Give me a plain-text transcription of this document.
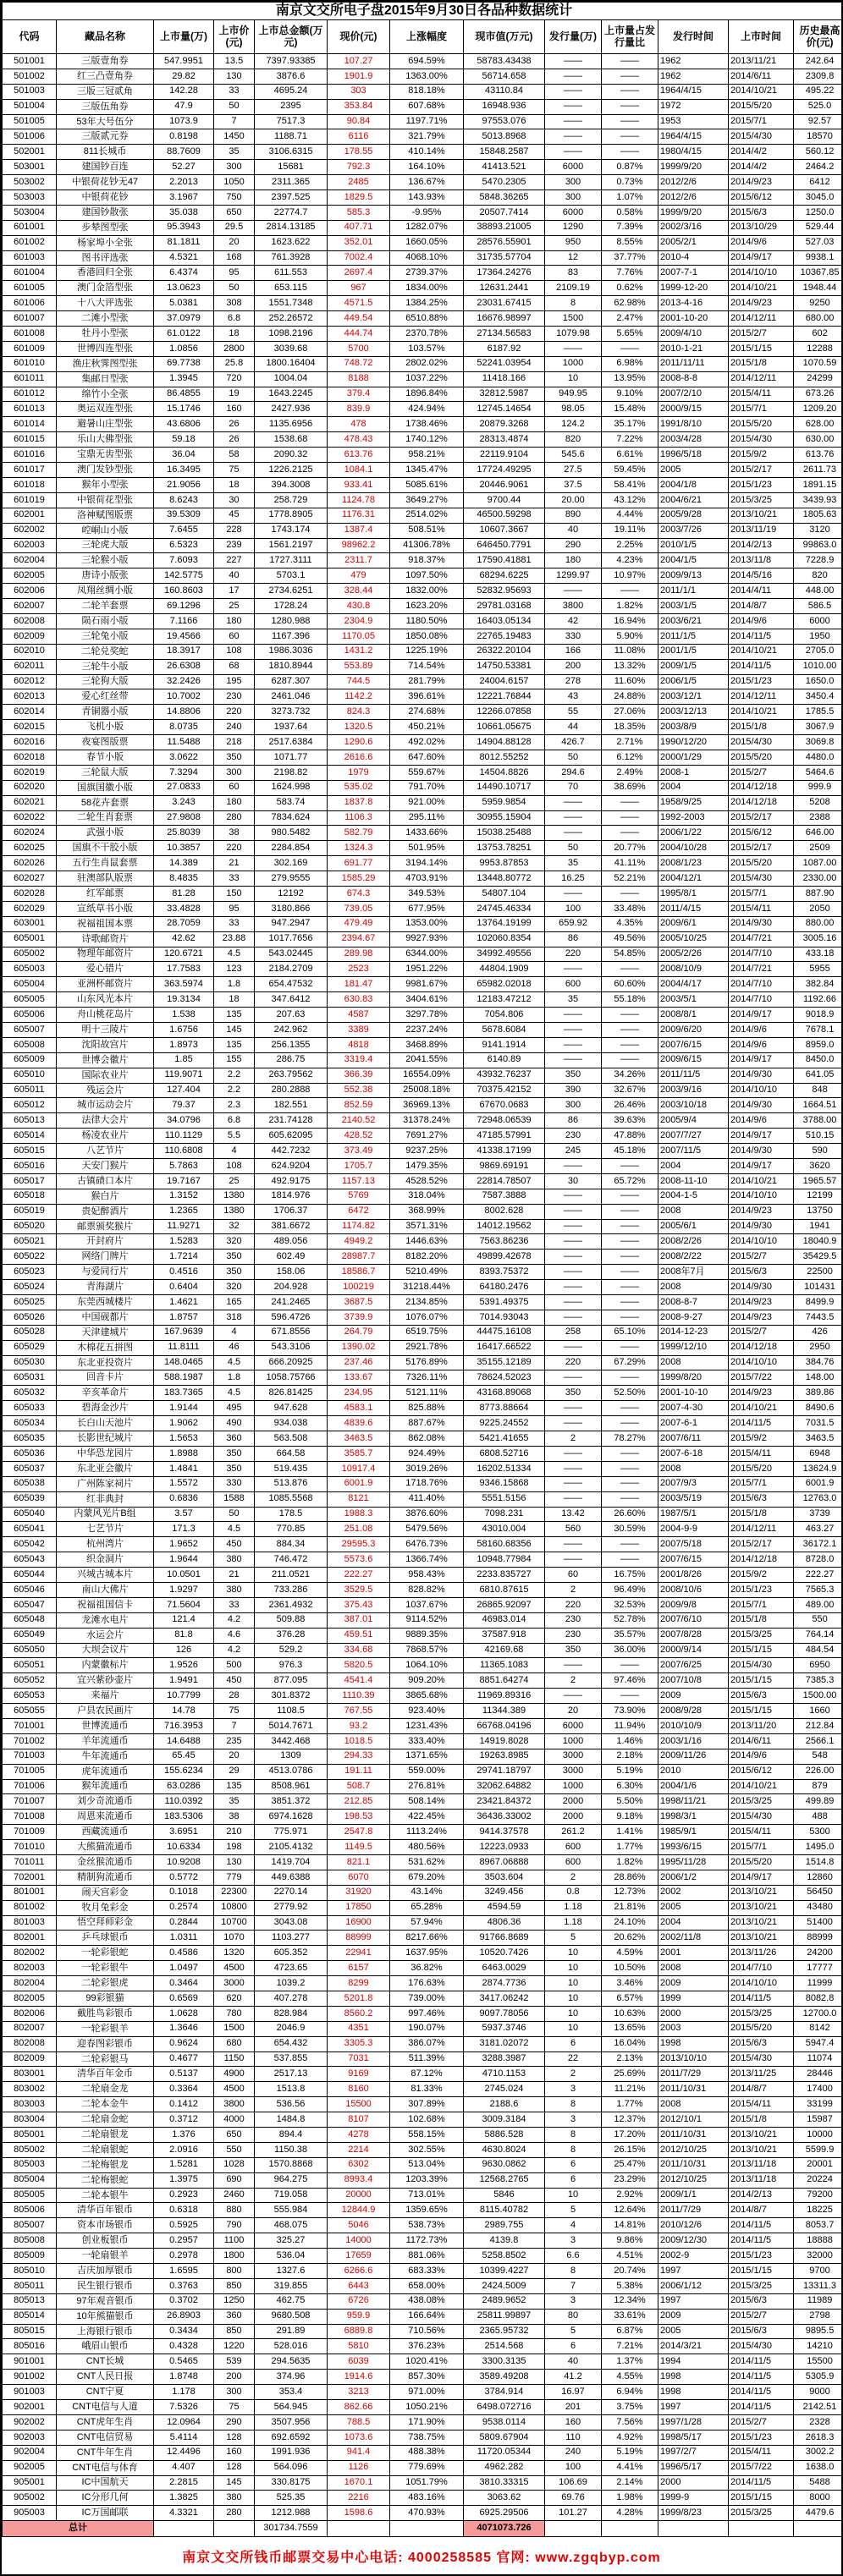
南京文交所电子盘2015年9月30日各品种数据统计												
代码	藏品名称	上市量(万)	上市价(元)	上市总金额(万元)	现价(元)	上涨幅度	现市值(万元)	发行量(万)	上市量占发行量比	发行时间	上市时间	历史最高价(元)
501001	三版壹角券	547.9951	13.5	7397.93385	107.27	694.59%	58783.43438	——	——	1962	2013/11/21	242.64
501002	红三凸壹角券	29.82	130	3876.6	1901.9	1363.00%	56714.658	——	——	1962	2014/6/11	2309.8
501003	三版三冠贰角	142.28	33	4695.24	303	818.18%	43110.84	——	——	1964/4/15	2014/10/21	495.22
501004	三版伍角券	47.9	50	2395	353.84	607.68%	16948.936	——	——	1972	2015/5/20	525.0
501005	53年大号伍分	1073.9	7	7517.3	90.84	1197.71%	97553.076	——	——	1953	2015/7/1	92.57
501006	三版贰元券	0.8198	1450	1188.71	6116	321.79%	5013.8968	——	——	1964/4/15	2015/4/30	18570
502001	811长城币	88.7609	35	3106.6315	178.55	410.14%	15848.2587	——	——	1980/4/15	2014/4/2	560.12
503001	建国钞百连	52.27	300	15681	792.3	164.10%	41413.521	6000	0.87%	1999/9/20	2014/4/2	2464.2
503002	中银荷花钞无47	2.2013	1050	2311.365	2485	136.67%	5470.2305	300	0.73%	2012/2/6	2014/9/23	6412
503003	中银荷花钞	3.1967	750	2397.525	1829.5	143.93%	5848.36265	300	1.07%	2012/2/6	2015/6/12	3045.0
503004	建国钞散张	35.038	650	22774.7	585.3	-9.95%	20507.7414	6000	0.58%	1999/9/20	2015/6/3	1250.0
601001	步辇图型张	95.3943	29.5	2814.13185	407.71	1282.07%	38893.21005	1290	7.39%	2002/3/16	2013/10/29	529.44
601002	杨家埠小全张	81.1811	20	1623.622	352.01	1660.05%	28576.55901	950	8.55%	2005/2/1	2014/9/6	527.03
601003	图书评选张	4.5321	168	761.3928	7002.4	4068.10%	31735.57704	12	37.77%	2010-4	2014/9/17	9938.1
601004	香港回归全张	6.4374	95	611.553	2697.4	2739.37%	17364.24276	83	7.76%	2007-7-1	2014/10/10	10367.85
601005	澳门金箔型张	13.0623	50	653.115	967	1834.00%	12631.2441	2109.19	0.62%	1999-12-20	2014/10/21	1948.44
601006	十八大评选张	5.0381	308	1551.7348	4571.5	1384.25%	23031.67415	8	62.98%	2013-4-16	2014/9/23	9250
601007	二滩小型张	37.0979	6.8	252.26572	449.54	6510.88%	16676.98997	1500	2.47%	2001-10-20	2014/12/11	680.00
601008	牡丹小型张	61.0122	18	1098.2196	444.74	2370.78%	27134.56583	1079.98	5.65%	2009/4/10	2015/2/7	602
601009	世博四连型张	1.0856	2800	3039.68	5700	103.57%	6187.92	——	——	2010-1-21	2015/1/15	12288
601010	渔庄秋霁图型张	69.7738	25.8	1800.16404	748.72	2802.02%	52241.03954	1000	6.98%	2011/11/11	2015/1/8	1070.59
601011	集邮日型张	1.3945	720	1004.04	8188	1037.22%	11418.166	10	13.95%	2008-8-8	2014/12/11	24299
601012	绵竹小全张	86.4855	19	1643.2245	379.4	1896.84%	32812.5987	949.95	9.10%	2007/2/10	2015/4/11	673.26
601013	奥运双连型张	15.1746	160	2427.936	839.9	424.94%	12745.14654	98.05	15.48%	2000/9/15	2015/7/1	1209.20
601014	避暑山庄型张	43.6806	26	1135.6956	478	1738.46%	20879.3268	124.2	35.17%	1991/8/10	2015/5/20	628.00
601015	乐山大佛型张	59.18	26	1538.68	478.43	1740.12%	28313.4874	820	7.22%	2003/4/28	2015/4/30	630.00
601016	宝鼎无齿型张	36.04	58	2090.32	613.76	958.21%	22119.9104	545.6	6.61%	1996/5/18	2015/9/2	613.76
601017	澳门发钞型张	16.3495	75	1226.2125	1084.1	1345.47%	17724.49295	27.5	59.45%	2005	2015/2/17	2611.73
601018	猴年小型张	21.9056	18	394.3008	933.41	5085.61%	20446.9061	37.5	58.41%	2004/1/8	2015/1/23	1891.15
601019	中银荷花型张	8.6243	30	258.729	1124.78	3649.27%	9700.44	20.00	43.12%	2004/6/21	2015/3/25	3439.93
602001	洛神赋图版票	39.5309	45	1778.8905	1176.31	2514.02%	46500.59298	890	4.44%	2005/9/28	2013/10/21	1805.63
602002	崆峒山小版	7.6455	228	1743.174	1387.4	508.51%	10607.3667	40	19.11%	2003/7/26	2013/11/19	3120
602003	三轮虎大版	6.5323	239	1561.2197	98962.2	41306.78%	646450.7791	290	2.25%	2010/1/5	2014/2/13	99863.0
602004	三轮猴小版	7.6093	227	1727.3111	2311.7	918.37%	17590.41881	180	4.23%	2004/1/5	2013/11/8	7228.9
602005	唐诗小版张	142.5775	40	5703.1	479	1097.50%	68294.6225	1299.97	10.97%	2009/9/13	2014/5/16	820
602006	凤翔丝绸小版	160.8603	17	2734.6251	328.44	1832.00%	52832.95693	——	——	2011/1/1	2014/4/11	448.00
602007	二轮羊套票	69.1296	25	1728.24	430.8	1623.20%	29781.03168	3800	1.82%	2003/1/5	2014/8/7	586.5
602008	陨石雨小版	7.1166	180	1280.988	2304.9	1180.50%	16403.05134	42	16.94%	2003/6/21	2014/9/6	6000
602009	三轮兔小版	19.4566	60	1167.396	1170.05	1850.08%	22765.19483	330	5.90%	2011/1/5	2014/11/5	1950
602010	二轮兑奖蛇	18.3917	108	1986.3036	1431.2	1225.19%	26322.20104	166	11.08%	2001/1/5	2014/10/21	2705.0
602011	三轮牛小版	26.6308	68	1810.8944	553.89	714.54%	14750.53381	200	13.32%	2009/1/5	2014/11/5	1010.00
602012	三轮狗大版	32.2426	195	6287.307	744.5	281.79%	24004.6157	278	11.60%	2006/1/5	2015/1/23	1650.0
602013	爱心红丝带	10.7002	230	2461.046	1142.2	396.61%	12221.76844	43	24.88%	2003/12/1	2014/12/11	3450.4
602014	青铜器小版	14.8806	220	3273.732	824.3	274.68%	12266.07858	55	27.06%	2003/12/13	2014/10/21	1785.5
602015	飞机小版	8.0735	240	1937.64	1320.5	450.21%	10661.05675	44	18.35%	2003/8/9	2015/1/8	3067.9
602016	夜宴图版票	11.5488	218	2517.6384	1290.6	492.02%	14904.88128	426.7	2.71%	1990/12/20	2015/4/30	3069.8
602018	春节小版	3.0622	350	1071.77	2616.6	647.60%	8012.55252	50	6.12%	2000/1/29	2015/5/20	4480.0
602019	三轮鼠大版	7.3294	300	2198.82	1979	559.67%	14504.8826	294.6	2.49%	2008-1	2015/2/7	5464.6
602020	国旗国徽小版	27.0833	60	1624.998	535.02	791.70%	14490.10717	70	38.69%	2004	2014/12/18	999.9
602021	58花卉套票	3.243	180	583.74	1837.8	921.00%	5959.9854	——	——	1958/9/25	2014/12/18	5208
602022	二轮生肖套票	27.9808	280	7834.624	1106.3	295.11%	30955.15904	——	——	1992-2003	2015/2/17	2388
602024	武强小版	25.8039	38	980.5482	582.79	1433.66%	15038.25488	——	——	2006/1/22	2015/6/12	646.00
602025	国旗不干胶小版	10.3857	220	2284.854	1324.3	501.95%	13753.78251	50	20.77%	2004/10/28	2015/2/17	2509
602026	五行生肖鼠套票	14.389	21	302.169	691.77	3194.14%	9953.87853	35	41.11%	2008/1/23	2015/5/20	1087.00
602027	驻澳部队版票	8.4835	33	279.9555	1585.29	4703.91%	13448.80772	16.25	52.21%	2004/12/1	2015/4/30	2330.00
602028	红军邮票	81.28	150	12192	674.3	349.53%	54807.104	——	——	1995/8/1	2015/7/1	887.90
602029	宣纸草书小版	33.4828	95	3180.866	739.05	677.95%	24745.46334	100	33.48%	2011/4/15	2015/4/11	2050
603001	祝福祖国本票	28.7059	33	947.2947	479.49	1353.00%	13764.19199	659.92	4.35%	2009/6/1	2014/9/30	880.00
605001	诗歌邮资片	42.62	23.88	1017.7656	2394.67	9927.93%	102060.8354	86	49.56%	2005/10/25	2014/7/21	3005.16
605002	物理年邮资片	120.6721	4.5	543.02445	289.98	6344.00%	34992.49556	220	54.85%	2005/2/26	2014/7/10	433.18
605003	爱心错片	17.7583	123	2184.2709	2523	1951.22%	44804.1909	——	——	2008/10/9	2014/7/21	5955
605004	亚洲杯邮资片	363.5974	1.8	654.47532	181.47	9981.67%	65982.02018	600	60.60%	2004/4/17	2014/7/10	382.84
605005	山东风光本片	19.3134	18	347.6412	630.83	3404.61%	12183.47212	35	55.18%	2003/5/1	2014/7/10	1192.66
605006	舟山桃花岛片	1.538	135	207.63	4587	3297.78%	7054.806	——	——	2008/8/1	2014/9/17	9018.9
605007	明十三陵片	1.6756	145	242.962	3389	2237.24%	5678.6084	——	——	2009/6/20	2014/9/6	7678.1
605008	沈阳故宫片	1.8973	135	256.1355	4818	3468.89%	9141.1914	——	——	2007/6/15	2014/9/6	8959.0
605009	世博会徽片	1.85	155	286.75	3319.4	2041.55%	6140.89	——	——	2009/6/15	2014/9/17	8450.0
605010	国际农业片	119.9071	2.2	263.79562	366.39	16554.09%	43932.76237	350	34.26%	2011/11/5	2014/9/30	641.05
605011	残运会片	127.404	2.2	280.2888	552.38	25008.18%	70375.42152	390	32.67%	2003/9/16	2014/10/10	848
605012	城市运动会片	79.37	2.3	182.551	852.59	36969.13%	67670.0683	300	26.46%	2003/10/18	2014/9/30	1664.51
605013	法律大会片	34.0796	6.8	231.74128	2140.52	31378.24%	72948.06539	86	39.63%	2005/9/4	2014/9/6	3788.00
605014	杨凌农业片	110.1129	5.5	605.62095	428.52	7691.27%	47185.57991	230	47.88%	2007/7/27	2014/9/17	510.15
605015	八艺节片	110.6808	4	442.7232	373.49	9237.25%	41338.17199	245	45.18%	2007/11/5	2014/9/30	590
605016	天安门猴片	5.7863	108	624.9204	1705.7	1479.35%	9869.69191	——	——	2004	2014/9/17	3620
605017	古镇碛口本片	19.7167	25	492.9175	1157.13	4528.52%	22814.78507	30	65.72%	2008-11-10	2014/10/21	1965.57
605018	猴白片	1.3152	1380	1814.976	5769	318.04%	7587.3888	——	——	2004-1-5	2014/10/10	12199
605019	贵妃醉酒片	1.2365	1380	1706.37	6472	368.99%	8002.628	——	——	2008	2014/9/23	13750
605020	邮票颁奖猴片	11.9271	32	381.6672	1174.82	3571.31%	14012.19562	——	——	2005/6/1	2014/9/30	1941
605021	开封府片	1.5283	320	489.056	4949.2	1446.63%	7563.86236	——	——	2008/2/26	2014/10/10	18040.9
605022	网络门牌片	1.7214	350	602.49	28987.7	8182.20%	49899.42678	——	——	2008/2/22	2015/2/7	35429.5
605023	与爱同行片	0.4516	350	158.06	18586.7	5210.49%	8393.75372	——	——	2008年7月	2015/6/3	22500
605024	青海湖片	0.6404	320	204.928	100219	31218.44%	64180.2476	——	——	2008	2014/9/30	101431
605025	东莞西城楼片	1.4621	165	241.2465	3687.5	2134.85%	5391.49375	——	——	2008-8-7	2014/9/23	8499.9
605026	中国砚都片	1.8757	318	596.4726	3739.9	1076.07%	7014.93043	——	——	2008-9-27	2014/9/23	7443.5
605028	天津建城片	167.9639	4	671.8556	264.79	6519.75%	44475.16108	258	65.10%	2014-12-23	2015/2/7	426
605029	木棉花五拼图	11.8111	46	543.3106	1390.02	2921.78%	16417.66522	——	——	1999/12/10	2014/12/18	2950
605030	东北亚投资片	148.0465	4.5	666.20925	237.46	5176.89%	35155.12189	220	67.29%	2008	2014/10/10	384.76
605031	回音卡片	588.1987	1.8	1058.75766	133.67	7326.11%	78624.52023	——	——	1999/8/20	2015/7/22	148.00
605032	辛亥革命片	183.7365	4.5	826.81425	234.95	5121.11%	43168.89068	350	52.50%	2001-10-10	2014/9/23	389.86
605033	碧海金沙片	1.9144	495	947.628	4583.1	825.88%	8773.88664	——	——	2007-4-30	2014/10/21	8490.6
605034	长白山天池片	1.9062	490	934.038	4839.6	887.67%	9225.24552	——	——	2007-6-1	2014/11/5	7031.5
605035	长影世纪城片	1.5653	360	563.508	3463.5	862.08%	5421.41655	2	78.27%	2007/6/11	2015/9/2	3463.5
605036	中华恐龙园片	1.8988	350	664.58	3585.7	924.49%	6808.52716	——	——	2007-6-18	2015/4/11	6948
605037	东北亚会徽片	1.4841	350	519.435	10917.4	3019.26%	16202.51334	——	——	2008	2015/5/20	13624.9
605038	广州陈家祠片	1.5572	330	513.876	6001.9	1718.76%	9346.15868	——	——	2007/9/3	2015/7/1	6001.9
605039	红非典封	0.6836	1588	1085.5568	8121	411.40%	5551.5156	——	——	2003/5/19	2015/6/3	12763.0
605040	内蒙风光片B组	3.57	50	178.5	1988.3	3876.60%	7098.231	13.42	26.60%	1987/5/1	2015/1/8	3739
605041	七艺节片	171.3	4.5	770.85	251.08	5479.56%	43010.004	560	30.59%	2004-9-9	2014/12/11	463.27
605042	杭州湾片	1.9652	450	884.34	29595.3	6476.73%	58160.68356	——	——	2007/5/18	2015/2/17	36172.1
605043	织金洞片	1.9644	380	746.472	5573.6	1366.74%	10948.77984	——	——	2007/6/15	2014/12/18	8728.0
605044	兴城古城本片	10.0501	21	211.0521	222.27	958.43%	2233.835727	60	16.75%	2001/8/26	2015/9/2	222.27
605046	南山大佛片	1.9297	380	733.286	3529.5	828.82%	6810.87615	2	96.49%	2008/10/6	2015/1/23	7565.3
605047	祝福祖国信卡	71.5604	33	2361.4932	375.43	1037.67%	26865.92097	220	32.53%	2009/9/8	2015/7/1	489.00
605048	龙滩水电片	121.4	4.2	509.88	387.01	9114.52%	46983.014	230	52.78%	2007/6/10	2015/1/8	550
605049	水运会片	81.8	4.6	376.28	459.51	9889.35%	37587.918	230	35.57%	2007/8/28	2015/3/25	764.14
605050	大坝会议片	126	4.2	529.2	334.68	7868.57%	42169.68	350	36.00%	2000/9/14	2015/1/15	484.54
605051	内蒙徽标片	1.9526	500	976.3	5820.5	1064.10%	11365.1083	——	——	2007/6/25	2015/4/30	6950
605052	宜兴紫砂壶片	1.9491	450	877.095	4541.4	909.20%	8851.64274	2	97.46%	2007/10/8	2015/1/15	7385.3
605053	来福片	10.7799	28	301.8372	1110.39	3865.68%	11969.89316	——	——	2009	2015/6/3	1500.00
605055	户县农民画片	14.78	75	1108.5	767.55	923.40%	11344.389	20	73.90%	2008/9/28	2015/1/15	1660
701001	世博流通币	716.3953	7	5014.7671	93.2	1231.43%	66768.04196	6000	11.94%	2010/10/9	2013/11/20	212.84
701002	羊年流通币	14.6488	235	3442.468	1018.5	333.40%	14919.8028	1000	1.46%	2003/1/16	2014/6/11	2566.1
701003	牛年流通币	65.45	20	1309	294.33	1371.65%	19263.8985	3000	2.18%	2009/11/26	2014/9/6	548
701005	虎年流通币	155.6234	29	4513.0786	191.11	559.00%	29741.18797	3000	5.19%	2010	2015/6/12	226.00
701006	猴年流通币	63.0286	135	8508.961	508.7	276.81%	32062.64882	1000	6.30%	2004/1/6	2014/10/21	879
701007	刘少奇流通币	110.0392	35	3851.372	212.85	508.14%	23421.84372	2000	5.50%	1998/11/21	2015/3/25	499.89
701008	周恩来流通币	183.5306	38	6974.1628	198.53	422.45%	36436.33002	2000	9.18%	1998/3/1	2015/4/30	488
701009	西藏流通币	3.6951	210	775.971	2547.8	1113.24%	9414.37578	261.2	1.41%	1985/9/1	2015/4/11	5300
701010	大熊猫流通币	10.6334	198	2105.4132	1149.5	480.56%	12223.0933	600	1.77%	1993/6/15	2015/7/1	1495.0
701011	金丝猴流通币	10.9208	130	1419.704	821.1	531.62%	8967.06888	600	1.82%	1995/11/28	2015/5/20	1514.8
702001	精制狗流通币	0.5772	779	449.6388	6070	679.20%	3503.604	2	28.86%	2006/1/2	2014/9/17	12860
801001	闹天宫彩金	0.1018	22300	2270.14	31920	43.14%	3249.456	0.8	12.73%	2002	2013/10/21	56450
801002	牧月兔彩金	0.2574	10800	2779.92	17850	65.28%	4594.59	1.18	21.81%	2005	2013/10/21	43480
801003	悟空拜师彩金	0.2844	10700	3043.08	16900	57.94%	4806.36	1.18	24.10%	2004	2013/10/21	51400
802001	乒乓球银币	1.0311	1070	1103.277	88999	8217.66%	91766.8689	5	20.62%	2002/11/8	2013/10/21	88999
802002	一轮彩银蛇	0.4586	1320	605.352	22941	1637.95%	10520.7426	10	4.59%	2001	2013/11/26	24200
802003	一轮彩银牛	1.0497	4500	4723.65	6157	36.82%	6463.0029	10	10.50%	2008	2014/7/10	17777
802004	二轮彩银虎	0.3464	3000	1039.2	8299	176.63%	2874.7736	10	3.46%	2009	2014/10/10	11999
802005	99彩银猫	0.6569	620	407.278	5201.8	739.00%	3417.06242	10	6.57%	1999	2014/11/5	8082.8
802006	戴胜鸟彩银币	1.0628	780	828.984	8560.2	997.46%	9097.78056	10	10.63%	2000	2015/3/25	12700.0
802007	一轮彩银羊	1.3646	1500	2046.9	4351	190.07%	5937.3746	10	13.65%	2003	2015/5/20	8142
802008	迎春图彩银币	0.9624	680	654.432	3305.3	386.07%	3181.02072	6	16.04%	1998	2015/6/3	5947.4
802009	二轮彩银马	0.4677	1150	537.855	7031	511.39%	3288.3987	22	2.13%	2013/10/10	2015/4/30	11074
803001	清华百年金币	0.5137	4900	2517.13	9169	87.12%	4710.1153	2	25.69%	2011/7/29	2013/11/25	28446
803002	二轮扇金龙	0.3364	4500	1513.8	8160	81.33%	2745.024	3	11.21%	2011/10/31	2014/8/7	17400
803003	二轮本金牛	0.1412	3800	536.56	15500	307.89%	2188.6	8	1.77%	2008	2015/4/11	33199
803004	二轮扇金蛇	0.3712	4000	1484.8	8107	102.68%	3009.3184	3	12.37%	2012/10/1	2015/1/8	15987
805001	二轮扇银龙	1.376	650	894.4	4278	558.15%	5886.528	8	17.20%	2011/10/31	2013/10/21	10000
805002	二轮扇银蛇	2.0916	550	1150.38	2214	302.55%	4630.8024	8	26.15%	2012/10/25	2013/10/21	5599.9
805003	二轮梅银龙	1.5281	1028	1570.8868	6302	513.04%	9630.0862	6	25.47%	2011/10/31	2013/11/18	20001
805004	二轮梅银蛇	1.3975	690	964.275	8993.4	1203.39%	12568.2765	6	23.29%	2012/10/25	2013/11/18	20224
805005	二轮本银牛	0.2923	2460	719.058	20000	713.01%	5846	10	2.92%	2009/1/1	2014/2/13	79200
805006	清华百年银币	0.6318	880	555.984	12844.9	1359.65%	8115.40782	5	12.64%	2011/7/29	2014/8/7	18225
805007	资本市场银币	0.5925	790	468.075	5046	538.73%	2989.755	4	14.81%	2010/12/6	2014/11/5	8053.7
805008	创业板银币	0.2957	1100	325.27	14000	1172.73%	4139.8	3	9.86%	2009/12/30	2014/11/5	18888
805009	一轮扇银羊	0.2978	1800	536.04	17659	881.06%	5258.8502	6.6	4.51%	2002-9	2015/1/23	32000
805010	吉庆加厚银币	1.6595	800	1327.6	6266.6	683.33%	10399.4227	8	20.74%	1997	2015/1/15	9700
805011	民生银行银币	0.3763	850	319.855	6443	658.00%	2424.5009	7	5.38%	2006/1/12	2015/3/25	13311.3
805013	97年观音银币	0.3702	1250	462.75	6726	438.08%	2489.9652	3	12.34%	1997	2015/6/3	11989
805014	10年熊猫银币	26.8903	360	9680.508	959.9	166.64%	25811.99897	80	33.61%	2009	2015/2/7	2798
805015	上海银行银币	0.3434	850	291.89	6889.8	710.56%	2365.95732	5	6.87%	2005	2015/6/3	9895.5
805016	峨眉山银币	0.4328	1220	528.016	5810	376.23%	2514.568	6	7.21%	2014/3/21	2015/4/30	14210
901001	CNT长城	0.5465	539	294.5635	6039	1020.41%	3300.3135	40	1.37%	1994	2014/11/5	15500
901002	CNT人民日报	1.8748	200	374.96	1914.6	857.30%	3589.49208	41.2	4.55%	1998	2014/11/5	5305.9
901003	CNT宁夏	1.178	300	353.4	3213	971.00%	3784.914	16.97	6.94%	1998	2014/11/5	9000
902001	CNT电信与人道	7.5326	75	564.945	862.66	1050.21%	6498.072716	201	3.75%	1997	2014/11/5	2142.51
902002	CNT虎年生肖	12.0964	290	3507.956	788.5	171.90%	9538.0114	160	7.56%	1997/1/28	2015/2/7	2328
902003	CNT电信贸易	5.4114	128	692.6592	1073.6	738.75%	5809.67904	110	4.92%	1998/5/17	2015/1/23	2618.3
902004	CNT牛年生肖	12.4496	160	1991.936	941.4	488.38%	11720.05344	240	5.19%	1997/2/7	2015/4/11	3002.2
902005	CNT电信与体育	4.407	128	564.096	1126	779.69%	4962.282	100	4.41%	1996/5/17	2015/7/22	1638.0
905001	IC中国航天	2.2815	145	330.8175	1670.1	1051.79%	3810.33315	106.69	2.14%	2000	2014/11/5	5488
905002	IC分形几何	1.3825	380	525.35	2216	483.16%	3063.62	69.76	1.98%	1999-9	2015/1/15	8000
905003	IC万国邮联	4.3321	280	1212.988	1598.6	470.93%	6925.29506	101.27	4.28%	1999/8/23	2015/3/25	4479.6
总计				301734.7559			4071073.726					
南京文交所钱币邮票交易中心电话: 4000258585 官网: www.zgqbyp.com
